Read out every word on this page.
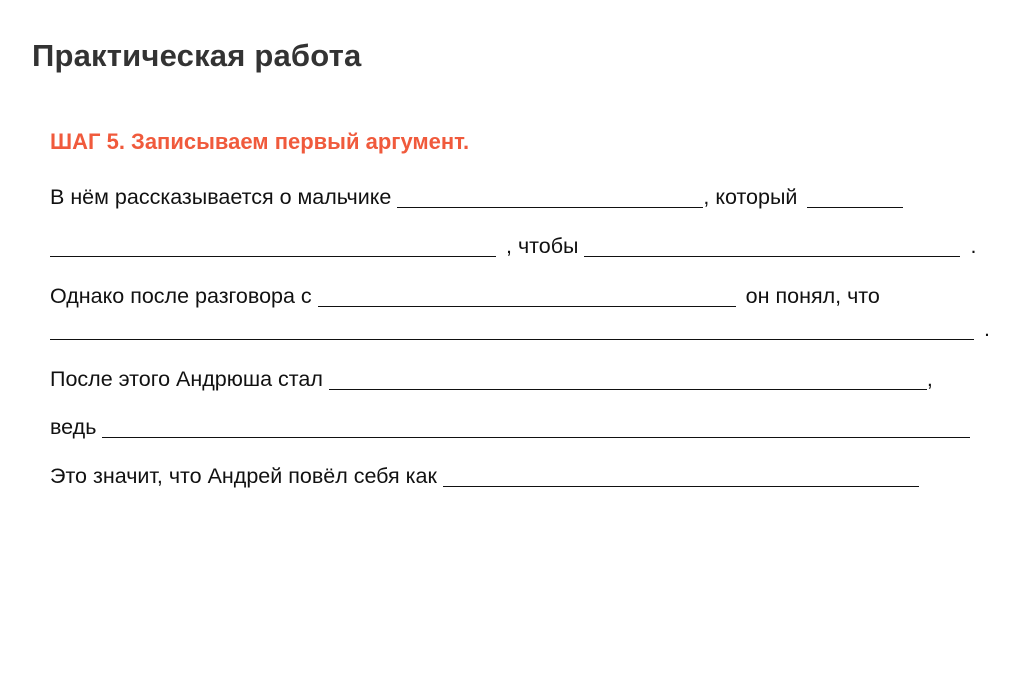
Практическая работа
ШАГ 5. Записываем первый аргумент.
В нём рассказывается о мальчике	, который
, чтобы	.
Однако после разговора с	он понял, что
.
После этого Андрюша стал	,
ведь
Это значит, что Андрей повёл себя как
